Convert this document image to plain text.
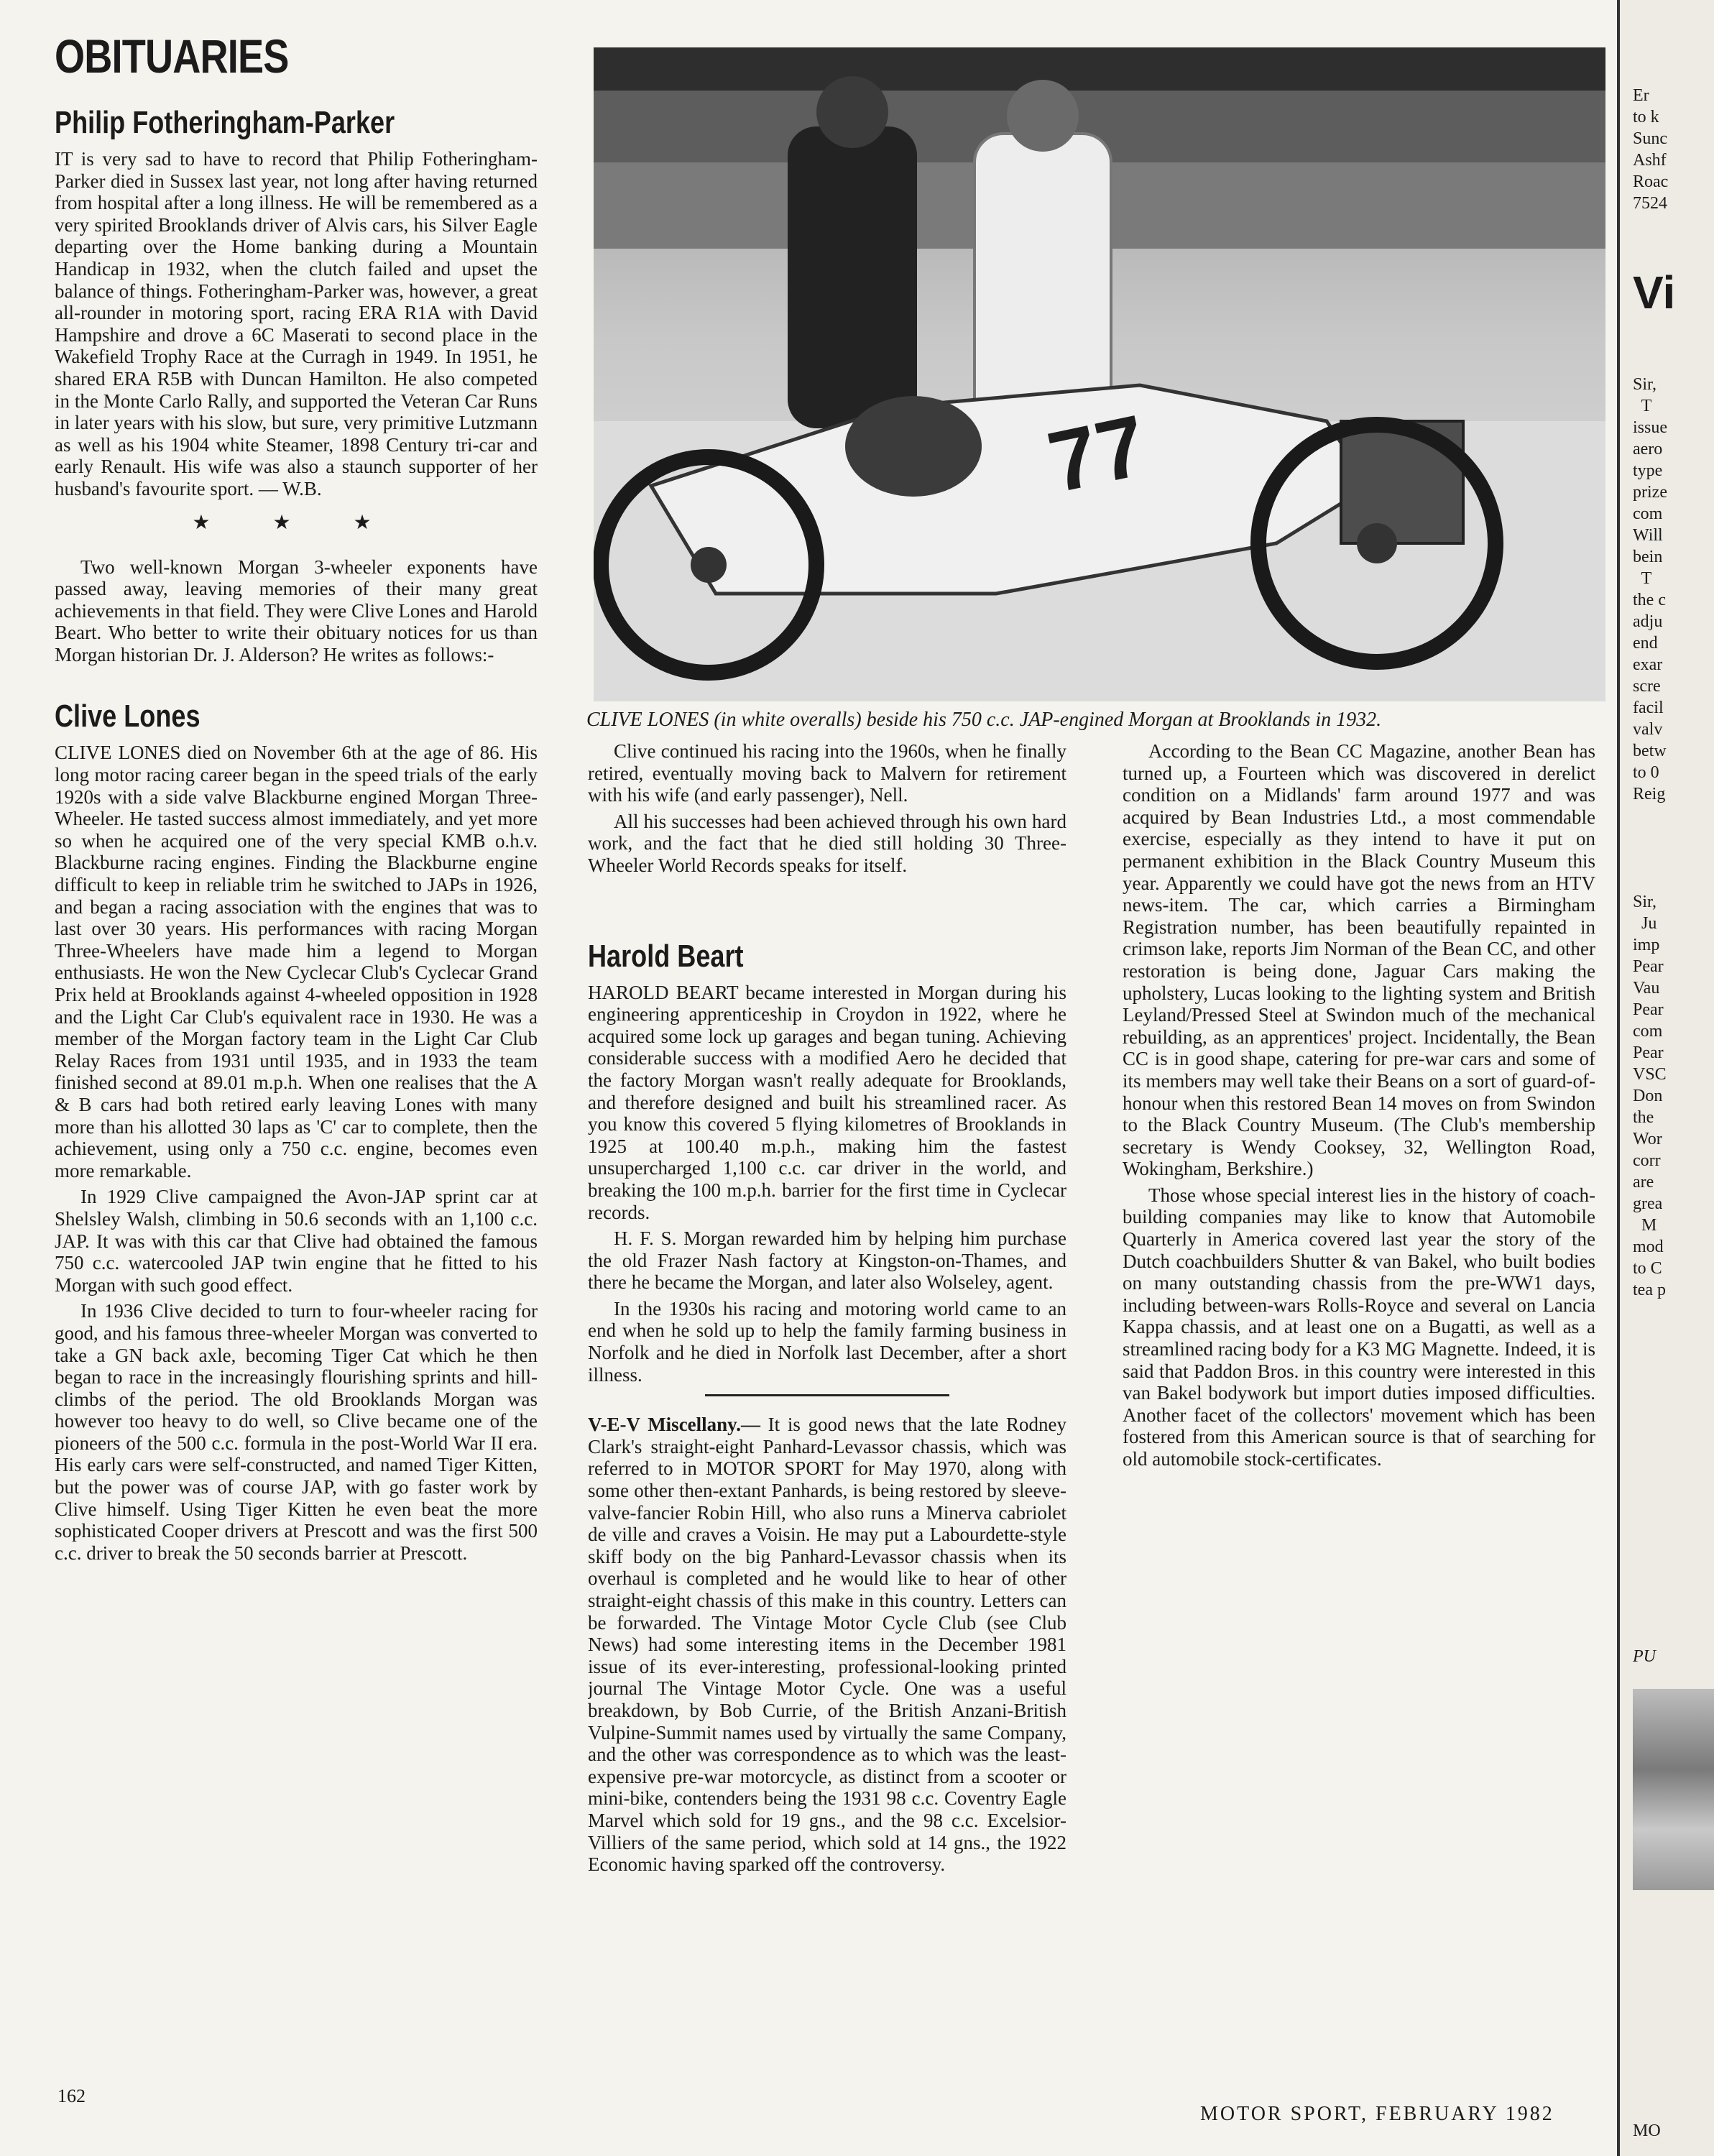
OBITUARIES
Philip Fotheringham-Parker

IT is very sad to have to record that Philip Fotheringham-Parker died in Sussex last year, not long after having returned from hospital after a long illness. He will be remembered as a very spirited Brooklands driver of Alvis cars, his Silver Eagle departing over the Home banking during a Mountain Handicap in 1932, when the clutch failed and upset the balance of things. Fotheringham-Parker was, however, a great all-rounder in motoring sport, racing ERA R1A with David Hampshire and drove a 6C Maserati to second place in the Wakefield Trophy Race at the Curragh in 1949. In 1951, he shared ERA R5B with Duncan Hamilton. He also competed in the Monte Carlo Rally, and supported the Veteran Car Runs in later years with his slow, but sure, very primitive Lutzmann as well as his 1904 white Steamer, 1898 Century tri-car and early Renault. His wife was also a staunch supporter of her husband's favourite sport. — W.B.

★ ★ ★

Two well-known Morgan 3-wheeler exponents have passed away, leaving memories of their many great achievements in that field. They were Clive Lones and Harold Beart. Who better to write their obituary notices for us than Morgan historian Dr. J. Alderson? He writes as follows:-

Clive Lones

CLIVE LONES died on November 6th at the age of 86. His long motor racing career began in the speed trials of the early 1920s with a side valve Blackburne engined Morgan Three-Wheeler. He tasted success almost immediately, and yet more so when he acquired one of the very special KMB o.h.v. Blackburne racing engines. Finding the Blackburne engine difficult to keep in reliable trim he switched to JAPs in 1926, and began a racing association with the engines that was to last over 30 years. His performances with racing Morgan Three-Wheelers have made him a legend to Morgan enthusiasts. He won the New Cyclecar Club's Cyclecar Grand Prix held at Brooklands against 4-wheeled opposition in 1928 and the Light Car Club's equivalent race in 1930. He was a member of the Morgan factory team in the Light Car Club Relay Races from 1931 until 1935, and in 1933 the team finished second at 89.01 m.p.h. When one realises that the A & B cars had both retired early leaving Lones with many more than his allotted 30 laps as 'C' car to complete, then the achievement, using only a 750 c.c. engine, becomes even more remarkable.

In 1929 Clive campaigned the Avon-JAP sprint car at Shelsley Walsh, climbing in 50.6 seconds with an 1,100 c.c. JAP. It was with this car that Clive had obtained the famous 750 c.c. watercooled JAP twin engine that he fitted to his Morgan with such good effect.

In 1936 Clive decided to turn to four-wheeler racing for good, and his famous three-wheeler Morgan was converted to take a GN back axle, becoming Tiger Cat which he then began to race in the increasingly flourishing sprints and hill-climbs of the period. The old Brooklands Morgan was however too heavy to do well, so Clive became one of the pioneers of the 500 c.c. formula in the post-World War II era. His early cars were self-constructed, and named Tiger Kitten, but the power was of course JAP, with go faster work by Clive himself. Using Tiger Kitten he even beat the more sophisticated Cooper drivers at Prescott and was the first 500 c.c. driver to break the 50 seconds barrier at Prescott.

77
CLIVE LONES (in white overalls) beside his 750 c.c. JAP-engined Morgan at Brooklands in 1932.

Clive continued his racing into the 1960s, when he finally retired, eventually moving back to Malvern for retirement with his wife (and early passenger), Nell.

All his successes had been achieved through his own hard work, and the fact that he died still holding 30 Three-Wheeler World Records speaks for itself.

Harold Beart

HAROLD BEART became interested in Morgan during his engineering apprenticeship in Croydon in 1922, where he acquired some lock up garages and began tuning. Achieving considerable success with a modified Aero he decided that the factory Morgan wasn't really adequate for Brooklands, and therefore designed and built his streamlined racer. As you know this covered 5 flying kilometres of Brooklands in 1925 at 100.40 m.p.h., making him the fastest unsupercharged 1,100 c.c. car driver in the world, and breaking the 100 m.p.h. barrier for the first time in Cyclecar records.

H. F. S. Morgan rewarded him by helping him purchase the old Frazer Nash factory at Kingston-on-Thames, and there he became the Morgan, and later also Wolseley, agent.

In the 1930s his racing and motoring world came to an end when he sold up to help the family farming business in Norfolk and he died in Norfolk last December, after a short illness.

V-E-V Miscellany.— It is good news that the late Rodney Clark's straight-eight Panhard-Levassor chassis, which was referred to in MOTOR SPORT for May 1970, along with some other then-extant Panhards, is being restored by sleeve-valve-fancier Robin Hill, who also runs a Minerva cabriolet de ville and craves a Voisin. He may put a Labourdette-style skiff body on the big Panhard-Levassor chassis when its overhaul is completed and he would like to hear of other straight-eight chassis of this make in this country. Letters can be forwarded. The Vintage Motor Cycle Club (see Club News) had some interesting items in the December 1981 issue of its ever-interesting, professional-looking printed journal The Vintage Motor Cycle. One was a useful breakdown, by Bob Currie, of the British Anzani-British Vulpine-Summit names used by virtually the same Company, and the other was correspondence as to which was the least-expensive pre-war motorcycle, as distinct from a scooter or mini-bike, contenders being the 1931 98 c.c. Coventry Eagle Marvel which sold for 19 gns., and the 98 c.c. Excelsior-Villiers of the same period, which sold at 14 gns., the 1922 Economic having sparked off the controversy.

According to the Bean CC Magazine, another Bean has turned up, a Fourteen which was discovered in derelict condition on a Midlands' farm around 1977 and was acquired by Bean Industries Ltd., a most commendable exercise, especially as they intend to have it put on permanent exhibition in the Black Country Museum this year. Apparently we could have got the news from an HTV news-item. The car, which carries a Birmingham Registration number, has been beautifully repainted in crimson lake, reports Jim Norman of the Bean CC, and other restoration is being done, Jaguar Cars making the upholstery, Lucas looking to the lighting system and British Leyland/Pressed Steel at Swindon much of the mechanical rebuilding, as an apprentices' project. Incidentally, the Bean CC is in good shape, catering for pre-war cars and some of its members may well take their Beans on a sort of guard-of-honour when this restored Bean 14 moves on from Swindon to the Black Country Museum. (The Club's membership secretary is Wendy Cooksey, 32, Wellington Road, Wokingham, Berkshire.)

Those whose special interest lies in the history of coach-building companies may like to know that Automobile Quarterly in America covered last year the story of the Dutch coachbuilders Shutter & van Bakel, who built bodies on many outstanding chassis from the pre-WW1 days, including between-wars Rolls-Royce and several on Lancia Kappa chassis, and at least one on a Bugatti, as well as a streamlined racing body for a K3 MG Magnette. Indeed, it is said that Paddon Bros. in this country were interested in this van Bakel bodywork but import duties imposed difficulties. Another facet of the collectors' movement which has been fostered from this American source is that of searching for old automobile stock-certificates.

162
MOTOR SPORT, FEBRUARY 1982
Er
to k
Sunc
Ashf
Roac
7524
Vi
Sir,
T
issue
aero
type
prize
com
Will
bein
T
the c
adju
end
exar
scre
facil
valv
betw
to 0
Reig
Sir,
Ju
imp
Pear
Vau
Pear
com
Pear
VSC
Don
the
Wor
corr
are
grea
M
mod
to C
tea p
PU
MO
